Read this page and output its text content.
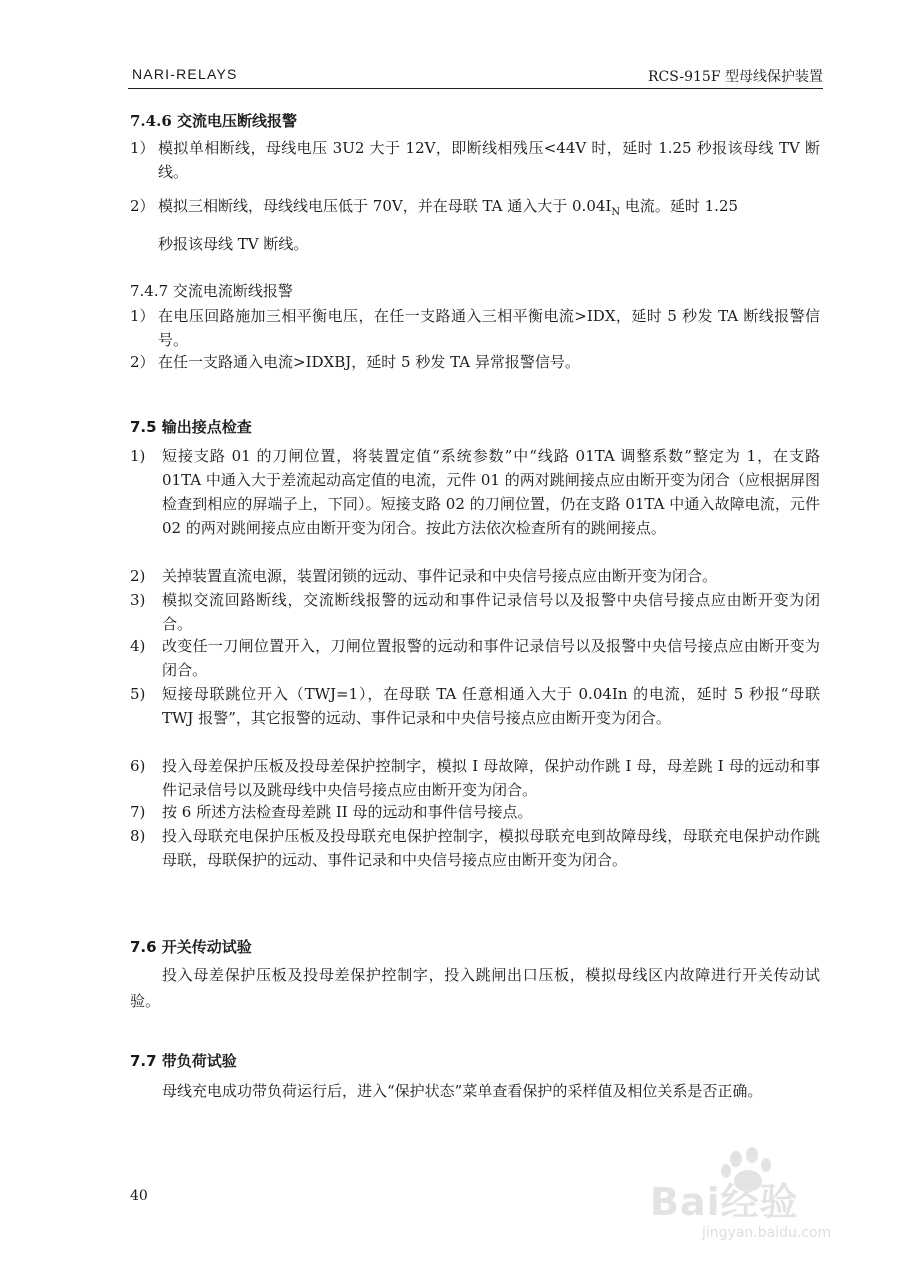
NARI-RELAYS	RCS-915F 型母线保护装置
7.4.6 交流电压断线报警
1） 模拟单相断线，母线电压 3U2 大于 12V，即断线相残压<44V 时，延时 1.25 秒报该母线 TV 断线。
2） 模拟三相断线，母线线电压低于 70V，并在母联 TA 通入大于 $0.04I_N$ 电流。延时 1.25
秒报该母线 TV 断线。
7.4.7 交流电流断线报警
1） 在电压回路施加三相平衡电压，在任一支路通入三相平衡电流>IDX，延时 5 秒发 TA 断线报警信号。
2） 在任一支路通入电流>IDXBJ，延时 5 秒发 TA 异常报警信号。
7.5 输出接点检查
1) 短接支路 01 的刀闸位置，将装置定值“系统参数”中“线路 01TA 调整系数”整定为 1，在支路 01TA 中通入大于差流起动高定值的电流，元件 01 的两对跳闸接点应由断开变为闭合（应根据屏图检查到相应的屏端子上，下同）。短接支路 02 的刀闸位置，仍在支路 01TA 中通入故障电流，元件 02 的两对跳闸接点应由断开变为闭合。按此方法依次检查所有的跳闸接点。
2) 关掉装置直流电源，装置闭锁的远动、事件记录和中央信号接点应由断开变为闭合。
3) 模拟交流回路断线，交流断线报警的远动和事件记录信号以及报警中央信号接点应由断开变为闭合。
4) 改变任一刀闸位置开入，刀闸位置报警的远动和事件记录信号以及报警中央信号接点应由断开变为闭合。
5) 短接母联跳位开入（TWJ=1），在母联 TA 任意相通入大于 0.04In 的电流，延时 5 秒报“母联 TWJ 报警”，其它报警的远动、事件记录和中央信号接点应由断开变为闭合。
6) 投入母差保护压板及投母差保护控制字，模拟 I 母故障，保护动作跳 I 母，母差跳 I 母的远动和事件记录信号以及跳母线中央信号接点应由断开变为闭合。
7) 按 6 所述方法检查母差跳 II 母的远动和事件信号接点。
8) 投入母联充电保护压板及投母联充电保护控制字，模拟母联充电到故障母线，母联充电保护动作跳母联，母联保护的远动、事件记录和中央信号接点应由断开变为闭合。
7.6 开关传动试验
投入母差保护压板及投母差保护控制字，投入跳闸出口压板，模拟母线区内故障进行开关传动试验。
7.7 带负荷试验
母线充电成功带负荷运行后，进入“保护状态”菜单查看保护的采样值及相位关系是否正确。
40	Bai经验
jingyan.baidu.com
